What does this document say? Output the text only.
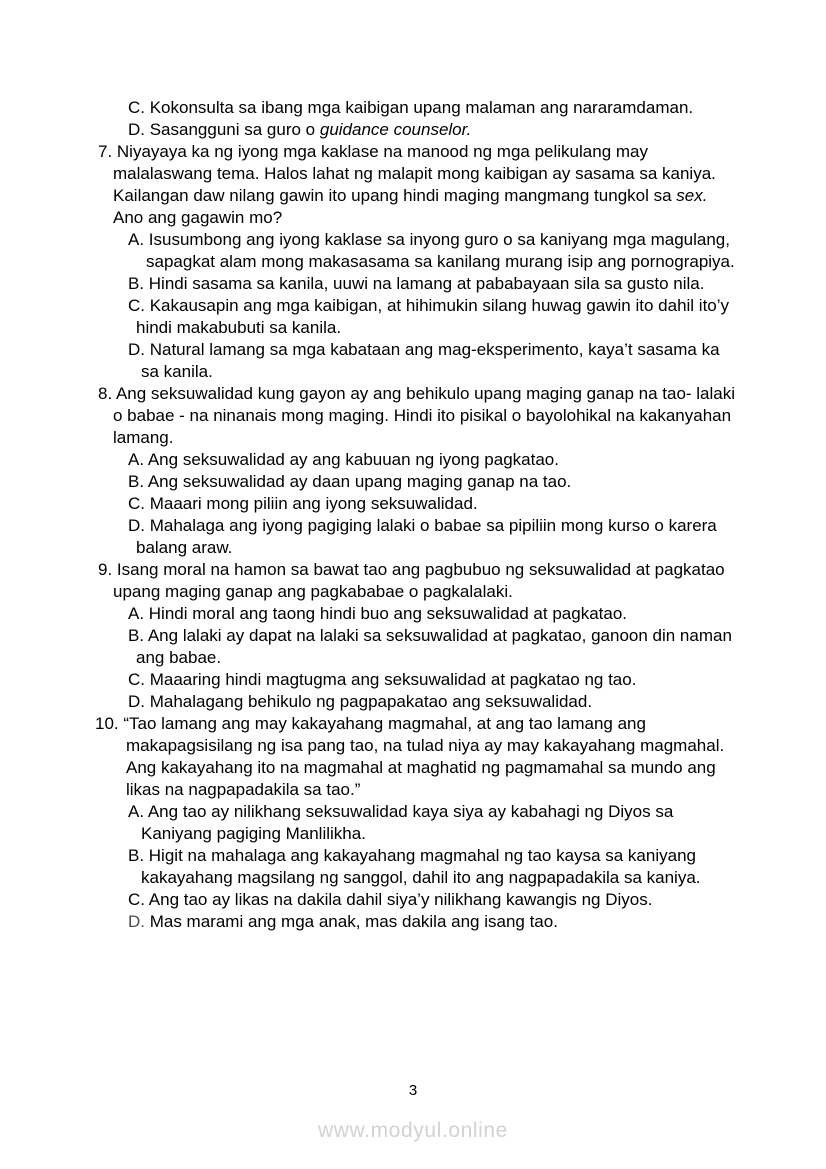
C. Kokonsulta sa ibang mga kaibigan upang malaman ang nararamdaman.
D. Sasangguni sa guro o guidance counselor.
7. Niyayaya ka ng iyong mga kaklase na manood ng mga pelikulang may
malalaswang tema. Halos lahat ng malapit mong kaibigan ay sasama sa kaniya.
Kailangan daw nilang gawin ito upang hindi maging mangmang tungkol sa sex.
Ano ang gagawin mo?
A. Isusumbong ang iyong kaklase sa inyong guro o sa kaniyang mga magulang,
sapagkat alam mong makasasama sa kanilang murang isip ang pornograpiya.
B. Hindi sasama sa kanila, uuwi na lamang at pababayaan sila sa gusto nila.
C. Kakausapin ang mga kaibigan, at hihimukin silang huwag gawin ito dahil ito’y
hindi makabubuti sa kanila.
D. Natural lamang sa mga kabataan ang mag-eksperimento, kaya’t sasama ka
sa kanila.
8. Ang seksuwalidad kung gayon ay ang behikulo upang maging ganap na tao- lalaki
o babae - na ninanais mong maging. Hindi ito pisikal o bayolohikal na kakanyahan
lamang.
A. Ang seksuwalidad ay ang kabuuan ng iyong pagkatao.
B. Ang seksuwalidad ay daan upang maging ganap na tao.
C. Maaari mong piliin ang iyong seksuwalidad.
D. Mahalaga ang iyong pagiging lalaki o babae sa pipiliin mong kurso o karera
balang araw.
9. Isang moral na hamon sa bawat tao ang pagbubuo ng seksuwalidad at pagkatao
upang maging ganap ang pagkababae o pagkalalaki.
A. Hindi moral ang taong hindi buo ang seksuwalidad at pagkatao.
B. Ang lalaki ay dapat na lalaki sa seksuwalidad at pagkatao, ganoon din naman
ang babae.
C. Maaaring hindi magtugma ang seksuwalidad at pagkatao ng tao.
D. Mahalagang behikulo ng pagpapakatao ang seksuwalidad.
10. “Tao lamang ang may kakayahang magmahal, at ang tao lamang ang
makapagsisilang ng isa pang tao, na tulad niya ay may kakayahang magmahal.
Ang kakayahang ito na magmahal at maghatid ng pagmamahal sa mundo ang
likas na nagpapadakila sa tao.”
A. Ang tao ay nilikhang seksuwalidad kaya siya ay kabahagi ng Diyos sa
Kaniyang pagiging Manlilikha.
B. Higit na mahalaga ang kakayahang magmahal ng tao kaysa sa kaniyang
kakayahang magsilang ng sanggol, dahil ito ang nagpapadakila sa kaniya.
C. Ang tao ay likas na dakila dahil siya’y nilikhang kawangis ng Diyos.
D. Mas marami ang mga anak, mas dakila ang isang tao.
3
www.modyul.online
